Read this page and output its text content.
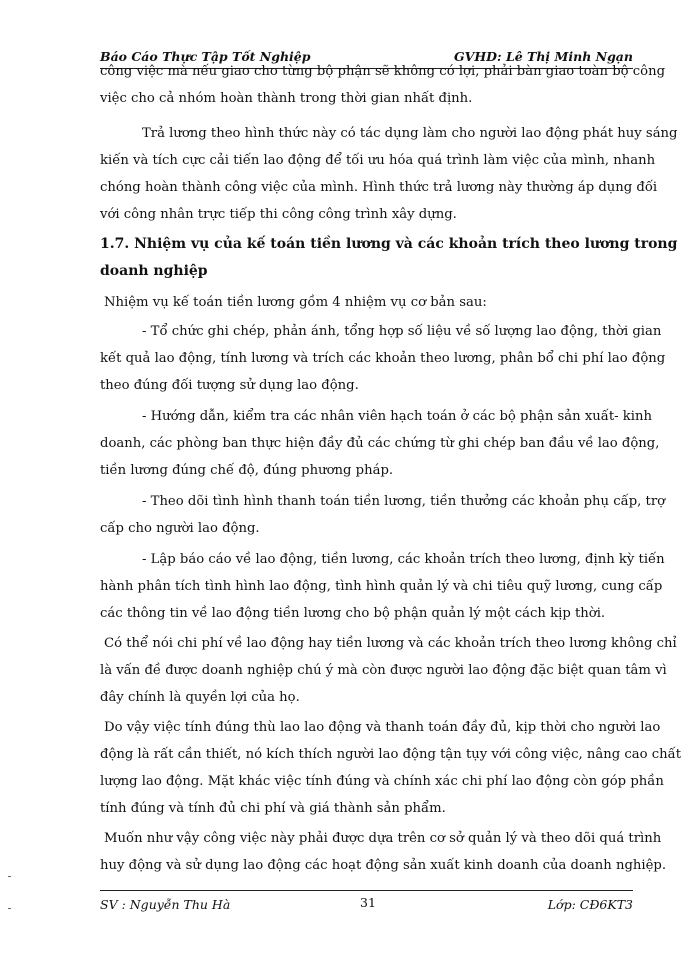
Báo Cáo Thực Tập Tốt Nghiệp	GVHD: Lê Thị Minh Ngạn
công việc mà nếu giao cho từng bộ phận sẽ không có lợi, phải bàn giao toàn bộ công
việc cho cả nhóm hoàn thành trong thời gian nhất định.
Trả lương theo hình thức này có tác dụng làm cho người lao động phát huy sáng
kiến và tích cực cải tiến lao động để tối ưu hóa quá trình làm việc của mình, nhanh
chóng hoàn thành công việc của mình. Hình thức trả lương này thường áp dụng đối
với công nhân trực tiếp thi công công trình xây dựng.
1.7. Nhiệm vụ của kế toán tiền lương và các khoản trích theo lương trong
doanh nghiệp
Nhiệm vụ kế toán tiền lương gồm 4 nhiệm vụ cơ bản sau:
- Tổ chức ghi chép, phản ánh, tổng hợp số liệu về số lượng lao động, thời gian
kết quả lao động, tính lương và trích các khoản theo lương, phân bổ chi phí lao động
theo đúng đối tượng sử dụng lao động.
- Hướng dẫn, kiểm tra các nhân viên hạch toán ở các bộ phận sản xuất- kinh
doanh, các phòng ban thực hiện đầy đủ các chứng từ ghi chép ban đầu về lao động,
tiền lương đúng chế độ, đúng phương pháp.
- Theo dõi tình hình thanh toán tiền lương, tiền thưởng các khoản phụ cấp, trợ
cấp cho người lao động.
- Lập báo cáo về lao động, tiền lương, các khoản trích theo lương, định kỳ tiến
hành phân tích tình hình lao động, tình hình quản lý và chi tiêu quỹ lương, cung cấp
các thông tin về lao động tiền lương cho bộ phận quản lý một cách kịp thời.
Có thể nói chi phí về lao động hay tiền lương và các khoản trích theo lương không chỉ
là vấn đề được doanh nghiệp chú ý mà còn được người lao động đặc biệt quan tâm vì
đây chính là quyền lợi của họ.
Do vậy việc tính đúng thù lao lao động và thanh toán đầy đủ, kịp thời cho người lao
động là rất cần thiết, nó kích thích người lao động tận tụy với công việc, nâng cao chất
lượng lao động. Mặt khác việc tính đúng và chính xác chi phí lao động còn góp phần
tính đúng và tính đủ chi phí và giá thành sản phẩm.
Muốn như vậy công việc này phải được dựa trên cơ sở quản lý và theo dõi quá trình
huy động và sử dụng lao động các hoạt động sản xuất kinh doanh của doanh nghiệp.
SV : Nguyễn Thu Hà	31	Lớp: CĐ6KT3
